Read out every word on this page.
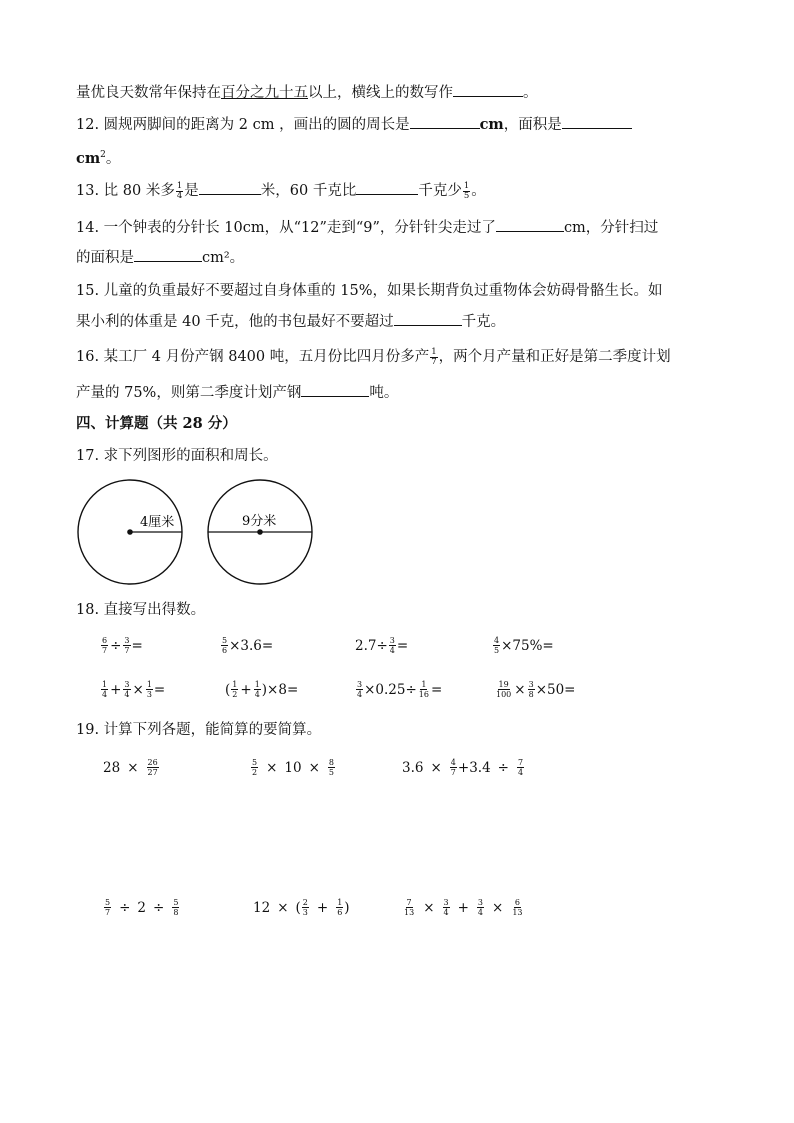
量优良天数常年保持在百分之九十五以上，横线上的数写作	。
12. 圆规两脚间的距离为 2 cm ，画出的圆的周长是	cm，面积是
$cm^2$。
13. 比 80 米多 $\frac{1}{4}$ 是	米，60 千克比	千克少 $\frac{1}{5}$ 。
14. 一个钟表的分针长 10cm，从“12”走到“9”，分针针尖走过了	cm，分针扫过
的面积是	cm²。
15. 儿童的负重最好不要超过自身体重的 15%，如果长期背负过重物体会妨碍骨骼生长。如
果小利的体重是 40 千克，他的书包最好不要超过	千克。
16. 某工厂 4 月份产钢 8400 吨，五月份比四月份多产 $\frac{1}{7}$ ，两个月产量和正好是第二季度计划
产量的 75%，则第二季度计划产钢	吨。
四、计算题（共 28 分）
17. 求下列图形的面积和周长。
4厘米	9分米
18. 直接写出得数。
$\frac{6}{7} \div \frac{3}{7}$ =	$\frac{5}{6} \times 3.6=$	$2.7\div \frac{3}{4}$ =	$\frac{4}{5} \times 75\%=$
$\frac{1}{4} + \frac{3}{4} \times \frac{1}{3}$ =	( $\frac{1}{2} + \frac{1}{4} )\times 8=$	$\frac{3}{4} \times 0.25\div \frac{1}{16}$ =	$\frac{19}{100} \times \frac{3}{8} \times 50=$
19. 计算下列各题，能简算的要简算。
$28 \times \frac{26}{27}$	$\frac{5}{2} \times 10 \times \frac{8}{5}$	$3.6 \times \frac{4}{7} +3.4 \div \frac{7}{4}$
$\frac{5}{7} \div 2 \div \frac{5}{8}$	12 × ( $\frac{2}{3} + \frac{1}{6}$ )	$\frac{7}{13} \times \frac{3}{4} + \frac{3}{4} \times \frac{6}{13}$
